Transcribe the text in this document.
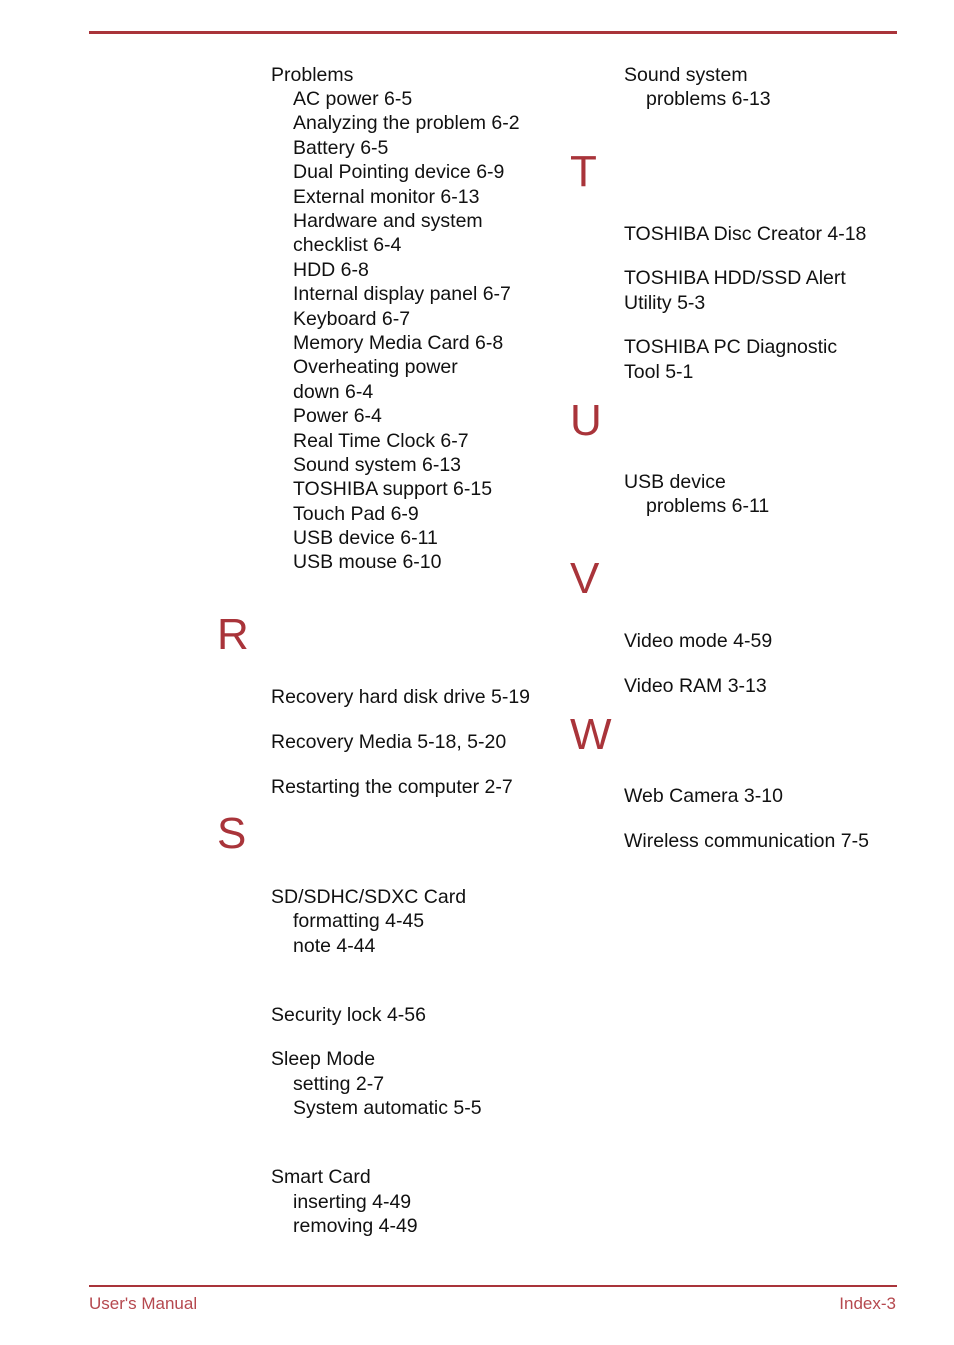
Problems
AC power 6-5
Analyzing the problem 6-2
Battery 6-5
Dual Pointing device 6-9
External monitor 6-13
Hardware and system
checklist 6-4
HDD 6-8
Internal display panel 6-7
Keyboard 6-7
Memory Media Card 6-8
Overheating power
down 6-4
Power 6-4
Real Time Clock 6-7
Sound system 6-13
TOSHIBA support 6-15
Touch Pad 6-9
USB device 6-11
USB mouse 6-10
R
Recovery hard disk drive 5-19
Recovery Media 5-18, 5-20
Restarting the computer 2-7
S
SD/SDHC/SDXC Card
formatting 4-45
note 4-44
Security lock 4-56
Sleep Mode
setting 2-7
System automatic 5-5
Smart Card
inserting 4-49
removing 4-49
Sound system
problems 6-13
T
TOSHIBA Disc Creator 4-18
TOSHIBA HDD/SSD Alert
Utility 5-3
TOSHIBA PC Diagnostic
Tool 5-1
U
USB device
problems 6-11
V
Video mode 4-59
Video RAM 3-13
W
Web Camera 3-10
Wireless communication 7-5
User's Manual	Index-3
